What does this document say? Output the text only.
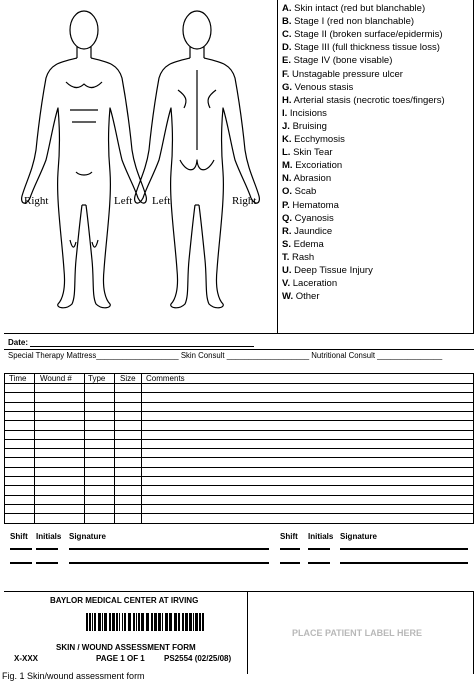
Right	Left Left	Right
A. Skin intact (red but blanchable)
B. Stage I (red non blanchable)
C. Stage II (broken surface/epidermis)
D. Stage III (full thickness tissue loss)
E. Stage IV (bone visable)
F. Unstagable pressure ulcer
G. Venous stasis
H. Arterial stasis (necrotic toes/fingers)
I. Incisions
J. Bruising
K. Ecchymosis
L. Skin Tear
M. Excoriation
N. Abrasion
O. Scab
P. Hematoma
Q. Cyanosis
R. Jaundice
S. Edema
T. Rash
U. Deep Tissue Injury
V. Laceration
W. Other
Date:
Special Therapy Mattress___________________ Skin Consult ___________________ Nutritional Consult _______________
Time Wound # Type Size Comments
Shift Initials Signature	Shift Initials Signature
BAYLOR MEDICAL CENTER AT IRVING
SKIN / WOUND ASSESSMENT FORM
X-XXX	PAGE 1 OF 1 PS2554 (02/25/08)
PLACE PATIENT LABEL HERE
Fig. 1 Skin/wound assessment form
